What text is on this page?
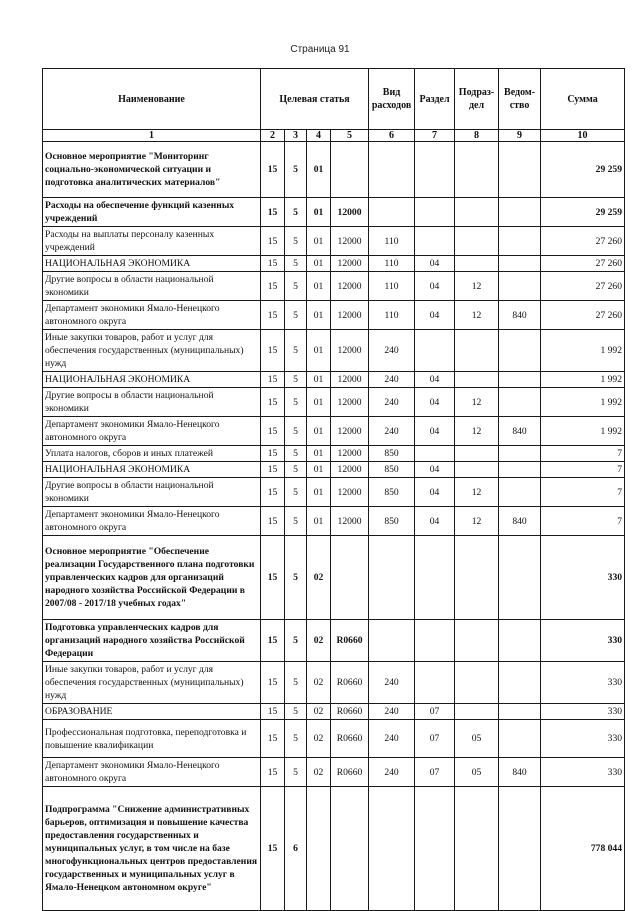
Страница 91
Наименование	Целевая статья				Вид расходов	Раздел	Подраз-дел	Ведом-ство	Сумма
1	2	3	4	5	6	7	8	9	10
Основное мероприятие "Мониторинг социально-экономической ситуации и подготовка аналитических материалов"	15	5	01						29 259
Расходы на обеспечение функций казенных учреждений	15	5	01	12000					29 259
Расходы на выплаты персоналу казенных учреждений	15	5	01	12000	110				27 260
НАЦИОНАЛЬНАЯ ЭКОНОМИКА	15	5	01	12000	110	04			27 260
Другие вопросы в области национальной экономики	15	5	01	12000	110	04	12		27 260
Департамент экономики Ямало-Ненецкого автономного округа	15	5	01	12000	110	04	12	840	27 260
Иные закупки товаров, работ и услуг для обеспечения государственных (муниципальных) нужд	15	5	01	12000	240				1 992
НАЦИОНАЛЬНАЯ ЭКОНОМИКА	15	5	01	12000	240	04			1 992
Другие вопросы в области национальной экономики	15	5	01	12000	240	04	12		1 992
Департамент экономики Ямало-Ненецкого автономного округа	15	5	01	12000	240	04	12	840	1 992
Уплата налогов, сборов и иных платежей	15	5	01	12000	850				7
НАЦИОНАЛЬНАЯ ЭКОНОМИКА	15	5	01	12000	850	04			7
Другие вопросы в области национальной экономики	15	5	01	12000	850	04	12		7
Департамент экономики Ямало-Ненецкого автономного округа	15	5	01	12000	850	04	12	840	7
Основное мероприятие "Обеспечение реализации Государственного плана подготовки управленческих кадров для организаций народного хозяйства Российской Федерации в 2007/08 - 2017/18 учебных годах"	15	5	02						330
Подготовка управленческих кадров для организаций народного хозяйства Российской Федерации	15	5	02	R0660					330
Иные закупки товаров, работ и услуг для обеспечения государственных (муниципальных) нужд	15	5	02	R0660	240				330
ОБРАЗОВАНИЕ	15	5	02	R0660	240	07			330
Профессиональная подготовка, переподготовка и повышение квалификации	15	5	02	R0660	240	07	05		330
Департамент экономики Ямало-Ненецкого автономного округа	15	5	02	R0660	240	07	05	840	330
Подпрограмма "Снижение административных барьеров, оптимизация и повышение качества предоставления государственных и муниципальных услуг, в том числе на базе многофункциональных центров предоставления государственных и муниципальных услуг в Ямало-Ненецком автономном округе"	15	6							778 044
